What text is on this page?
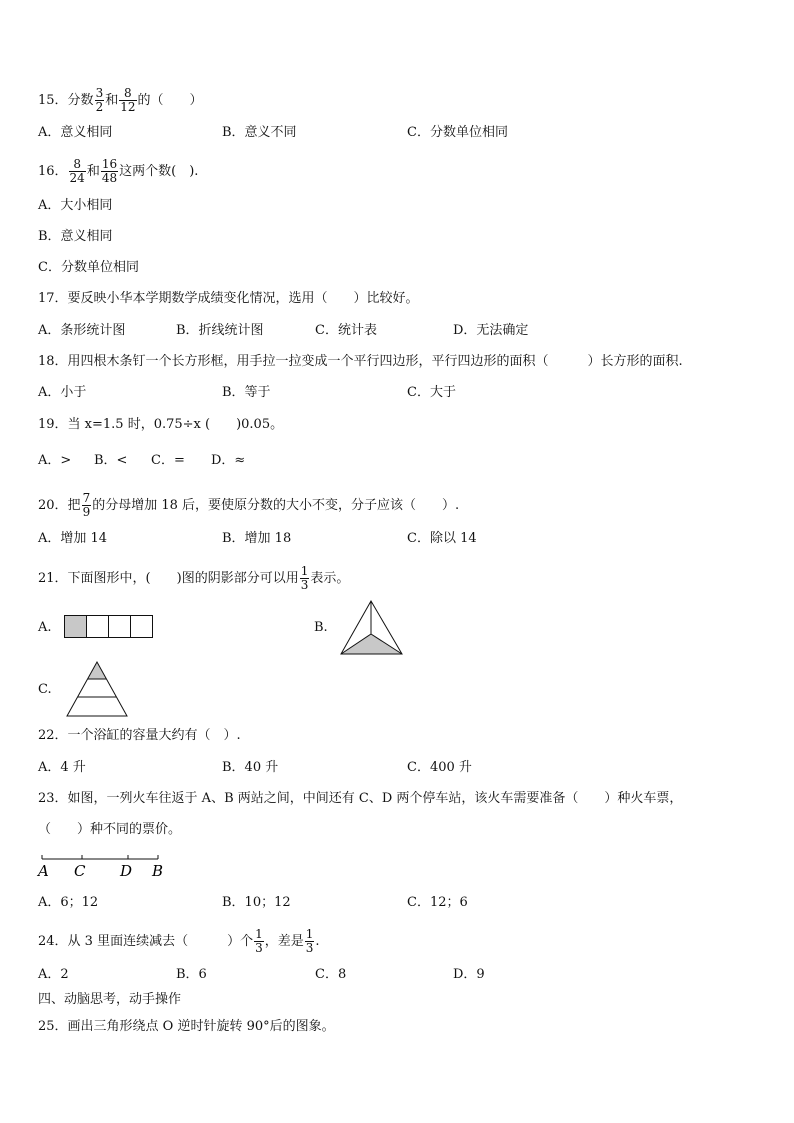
15．分数 $\frac{3}{2}$ 和 $\frac{8}{12}$ 的（　　）
A．意义相同	B．意义不同	C．分数单位相同
16． $\frac{8}{24}$ 和 $\frac{16}{48}$ 这两个数(　).
A．大小相同
B．意义相同
C．分数单位相同
17．要反映小华本学期数学成绩变化情况，选用（　　）比较好。
A．条形统计图	B．折线统计图	C．统计表	D．无法确定
18．用四根木条钉一个长方形框，用手拉一拉变成一个平行四边形，平行四边形的面积（　　　）长方形的面积.
A．小于	B．等于	C．大于
19．当 x=1.5 时，0.75÷x (　　)0.05。
A．> B．< C．= D．≈
20．把 $\frac{7}{9}$ 的分母增加 18 后，要使原分数的大小不变，分子应该（　　）.
A．增加 14	B．增加 18	C．除以 14
21．下面图形中，(　　)图的阴影部分可以用 $\frac{1}{3}$ 表示。
A.	B.
C.
22．一个浴缸的容量大约有（　）.
A．4 升	B．40 升	C．400 升
23．如图，一列火车往返于 A、B 两站之间，中间还有 C、D 两个停车站，该火车需要准备（　　）种火车票，
（　　）种不同的票价。
A C D B
A．6；12	B．10；12	C．12；6
24．从 3 里面连续减去（　　　）个 $\frac{1}{3}$ ，差是 $\frac{1}{3}$ .
A．2	B．6	C．8	D．9
四、动脑思考，动手操作
25．画出三角形绕点 O 逆时针旋转 90°后的图象。
